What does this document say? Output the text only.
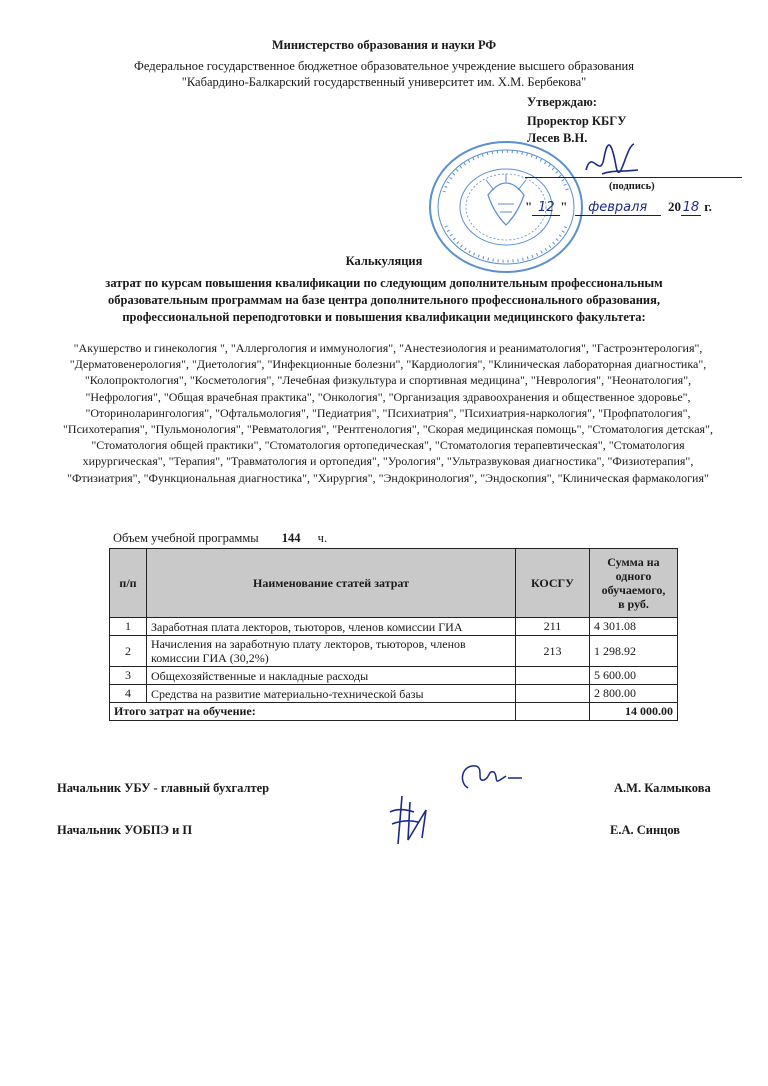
Министерство образования и науки РФ
Федеральное государственное бюджетное образовательное учреждение высшего образования
"Кабардино-Балкарский государственный университет им. Х.М. Бербекова"
Утверждаю:
Проректор КБГУ
Лесев В.Н.
(подпись)
" 12 " февраля 20 18 г.
Калькуляция
затрат по курсам повышения квалификации по следующим дополнительным профессиональным образовательным программам на базе центра дополнительного профессионального образования, профессиональной переподготовки и повышения квалификации медицинского факультета:
"Акушерство и гинекология ", "Аллергология и иммунология", "Анестезиология и реаниматология", "Гастроэнтерология", "Дерматовенерология", "Диетология", "Инфекционные болезни", "Кардиология", "Клиническая лабораторная диагностика", "Колопроктология", "Косметология", "Лечебная физкультура и спортивная медицина", "Неврология", "Неонатология", "Нефрология", "Общая врачебная практика", "Онкология", "Организация здравоохранения и общественное здоровье", "Оториноларингология", "Офтальмология", "Педиатрия", "Психиатрия", "Психиатрия-наркология", "Профпатология", "Психотерапия", "Пульмонология", "Ревматология", "Рентгенология", "Скорая медицинская помощь", "Стоматология детская", "Стоматология общей практики", "Стоматология ортопедическая", "Стоматология терапевтическая", "Стоматология хирургическая", "Терапия", "Травматология и ортопедия", "Урология", "Ультразвуковая диагностика", "Физиотерапия", "Фтизиатрия", "Функциональная диагностика", "Хирургия", "Эндокринология", "Эндоскопия", "Клиническая фармакология"
Объем учебной программы 144 ч.
п/п	Наименование статей затрат	КОСГУ	Сумма на
одного
обучаемого,
в руб.

1	Заработная плата лекторов, тьюторов, членов комиссии ГИА	211	4 301.08
2	Начисления на заработную плату лекторов, тьюторов, членов комиссии ГИА (30,2%)	213	1 298.92
3	Общехозяйственные и накладные расходы		5 600.00
4	Средства на развитие материально-технической базы		2 800.00
Итого затрат на обучение:			14 000.00
Начальник УБУ - главный бухгалтер	А.М. Калмыкова
Начальник УОБПЭ и П	Е.А. Синцов
